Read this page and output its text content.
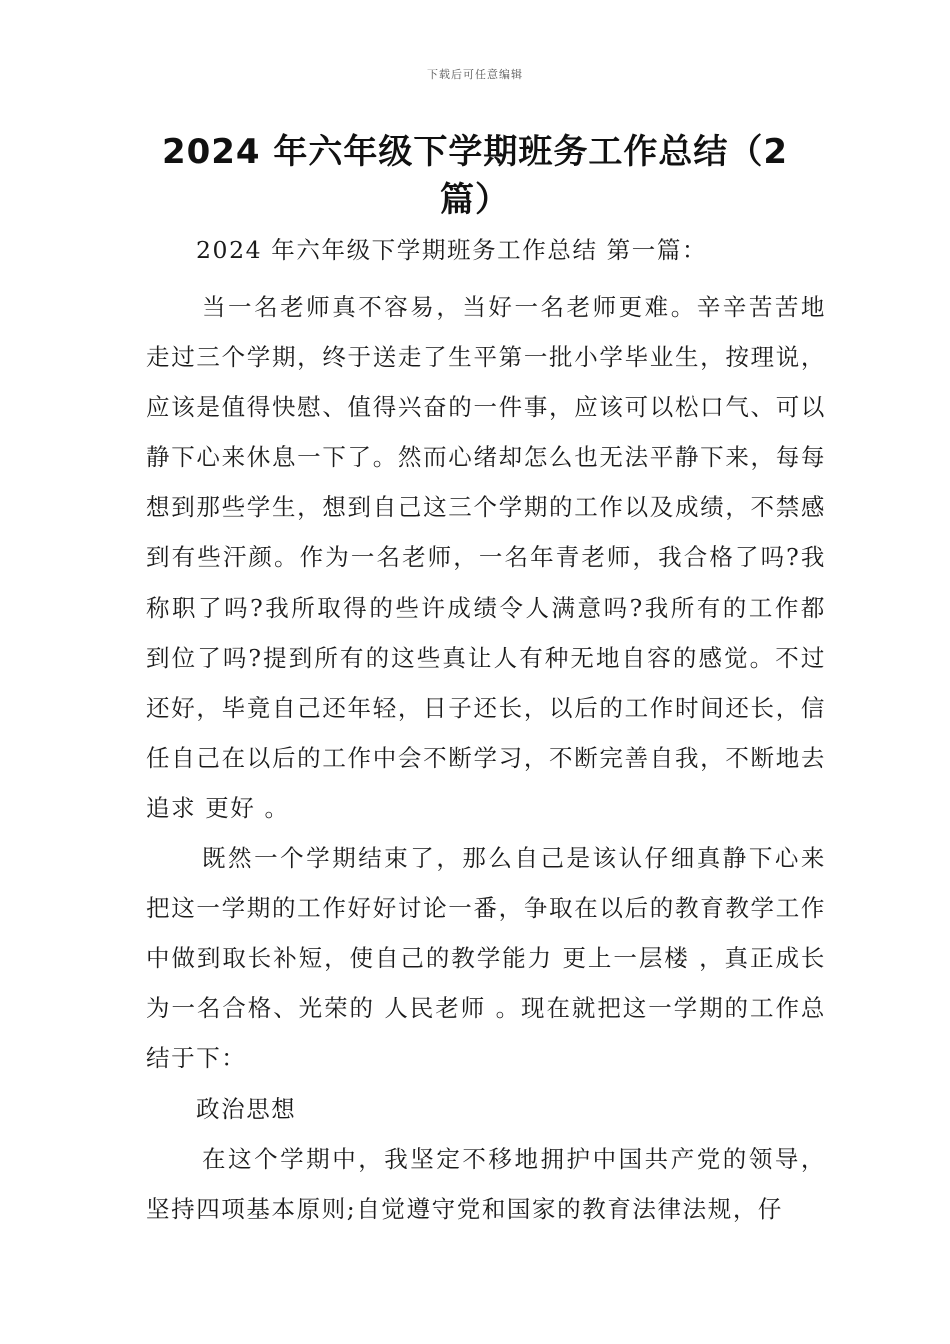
下载后可任意编辑
2024 年六年级下学期班务工作总结（2 篇）
2024 年六年级下学期班务工作总结 第一篇：

当一名老师真不容易，当好一名老师更难。辛辛苦苦地走过三个学期，终于送走了生平第一批小学毕业生，按理说，应该是值得快慰、值得兴奋的一件事，应该可以松口气、可以静下心来休息一下了。然而心绪却怎么也无法平静下来，每每想到那些学生，想到自己这三个学期的工作以及成绩，不禁感到有些汗颜。作为一名老师，一名年青老师，我合格了吗?我称职了吗?我所取得的些许成绩令人满意吗?我所有的工作都到位了吗?提到所有的这些真让人有种无地自容的感觉。不过还好，毕竟自己还年轻，日子还长，以后的工作时间还长，信任自己在以后的工作中会不断学习，不断完善自我，不断地去追求 更好 。

既然一个学期结束了，那么自己是该认仔细真静下心来把这一学期的工作好好讨论一番，争取在以后的教育教学工作中做到取长补短，使自己的教学能力 更上一层楼 ，真正成长为一名合格、光荣的 人民老师 。现在就把这一学期的工作总结于下：

政治思想

在这个学期中，我坚定不移地拥护中国共产党的领导，坚持四项基本原则;自觉遵守党和国家的教育法律法规，仔
